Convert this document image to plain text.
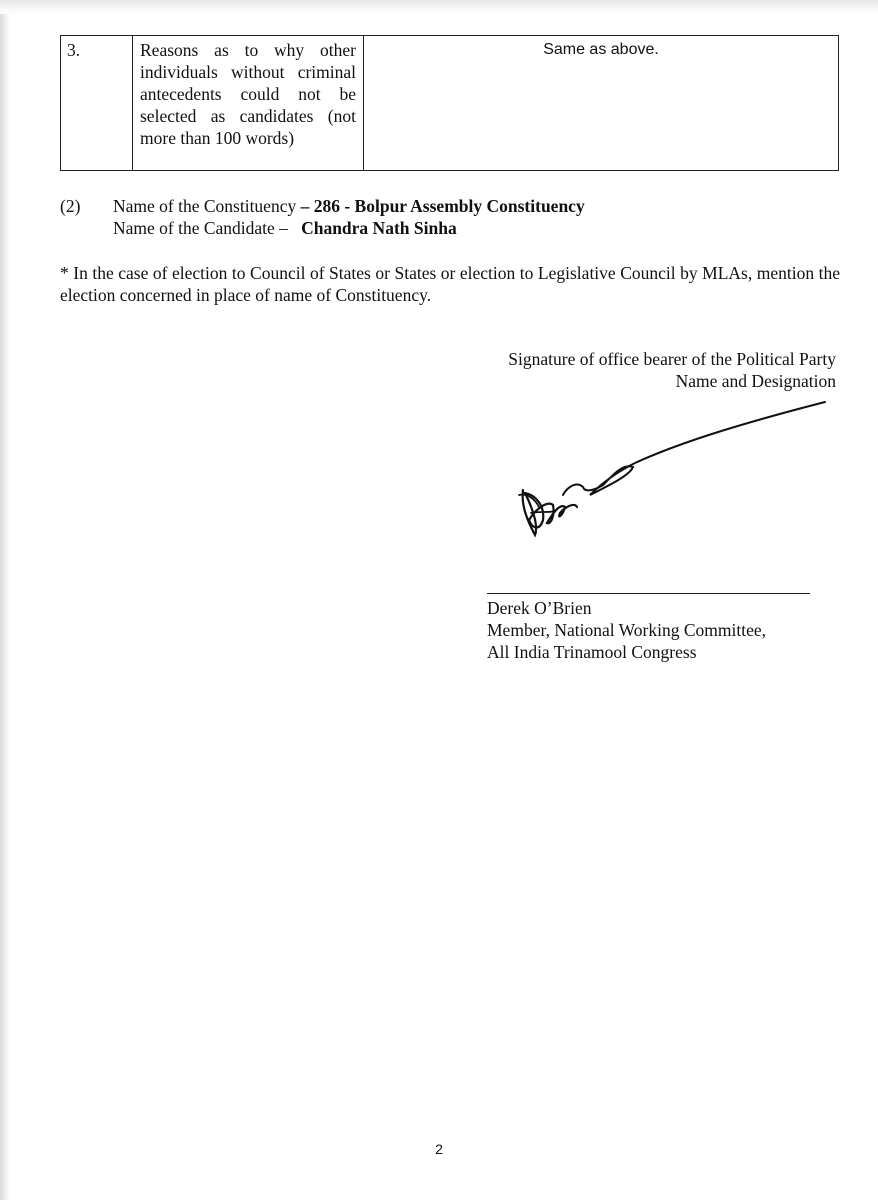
3.	Reasons as to why other individuals without criminal antecedents could not be selected as candidates (not more than 100 words)	Same as above.
(2) Name of the Constituency – 286 - Bolpur Assembly Constituency
Name of the Candidate – Chandra Nath Sinha
* In the case of election to Council of States or States or election to Legislative Council by MLAs, mention the election concerned in place of name of Constituency.
Signature of office bearer of the Political Party
Name and Designation
Derek O’Brien
Member, National Working Committee,
All India Trinamool Congress
2
